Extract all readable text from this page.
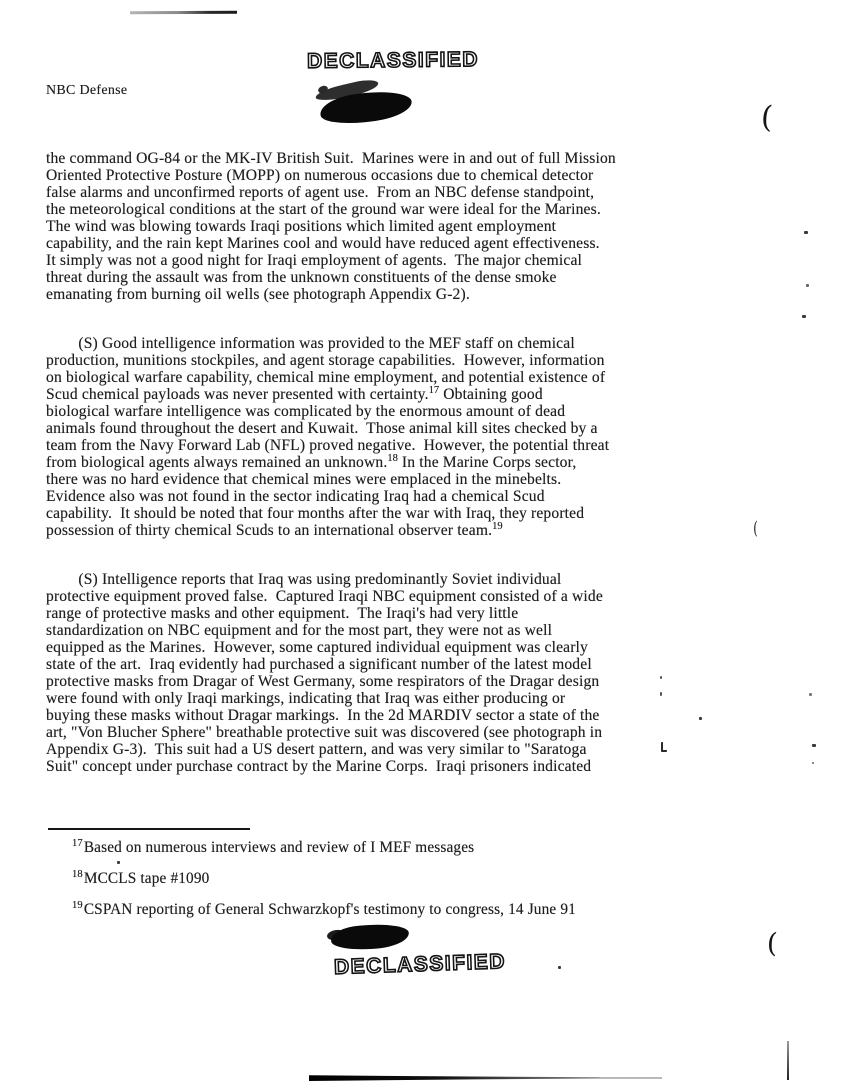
DECLASSIFIED
NBC Defense
the command OG-84 or the MK-IV British Suit.  Marines were in and out of full Mission
Oriented Protective Posture (MOPP) on numerous occasions due to chemical detector
false alarms and unconfirmed reports of agent use.  From an NBC defense standpoint,
the meteorological conditions at the start of the ground war were ideal for the Marines.
The wind was blowing towards Iraqi positions which limited agent employment
capability, and the rain kept Marines cool and would have reduced agent effectiveness.
It simply was not a good night for Iraqi employment of agents.  The major chemical
threat during the assault was from the unknown constituents of the dense smoke
emanating from burning oil wells (see photograph Appendix G-2).
(S) Good intelligence information was provided to the MEF staff on chemical
production, munitions stockpiles, and agent storage capabilities.  However, information
on biological warfare capability, chemical mine employment, and potential existence of
Scud chemical payloads was never presented with certainty.$^{17}$ Obtaining good
biological warfare intelligence was complicated by the enormous amount of dead
animals found throughout the desert and Kuwait.  Those animal kill sites checked by a
team from the Navy Forward Lab (NFL) proved negative.  However, the potential threat
from biological agents always remained an unknown.$^{18}$ In the Marine Corps sector,
there was no hard evidence that chemical mines were emplaced in the minebelts.
Evidence also was not found in the sector indicating Iraq had a chemical Scud
capability.  It should be noted that four months after the war with Iraq, they reported
possession of thirty chemical Scuds to an international observer team.$^{19}$
(S) Intelligence reports that Iraq was using predominantly Soviet individual
protective equipment proved false.  Captured Iraqi NBC equipment consisted of a wide
range of protective masks and other equipment.  The Iraqi's had very little
standardization on NBC equipment and for the most part, they were not as well
equipped as the Marines.  However, some captured individual equipment was clearly
state of the art.  Iraq evidently had purchased a significant number of the latest model
protective masks from Dragar of West Germany, some respirators of the Dragar design
were found with only Iraqi markings, indicating that Iraq was either producing or
buying these masks without Dragar markings.  In the 2d MARDIV sector a state of the
art, "Von Blucher Sphere" breathable protective suit was discovered (see photograph in
Appendix G-3).  This suit had a US desert pattern, and was very similar to "Saratoga
Suit" concept under purchase contract by the Marine Corps.  Iraqi prisoners indicated
$^{17}$Based on numerous interviews and review of I MEF messages
$^{18}$MCCLS tape #1090
$^{19}$CSPAN reporting of General Schwarzkopf's testimony to congress, 14 June 91
DECLASSIFIED
(
(
(
